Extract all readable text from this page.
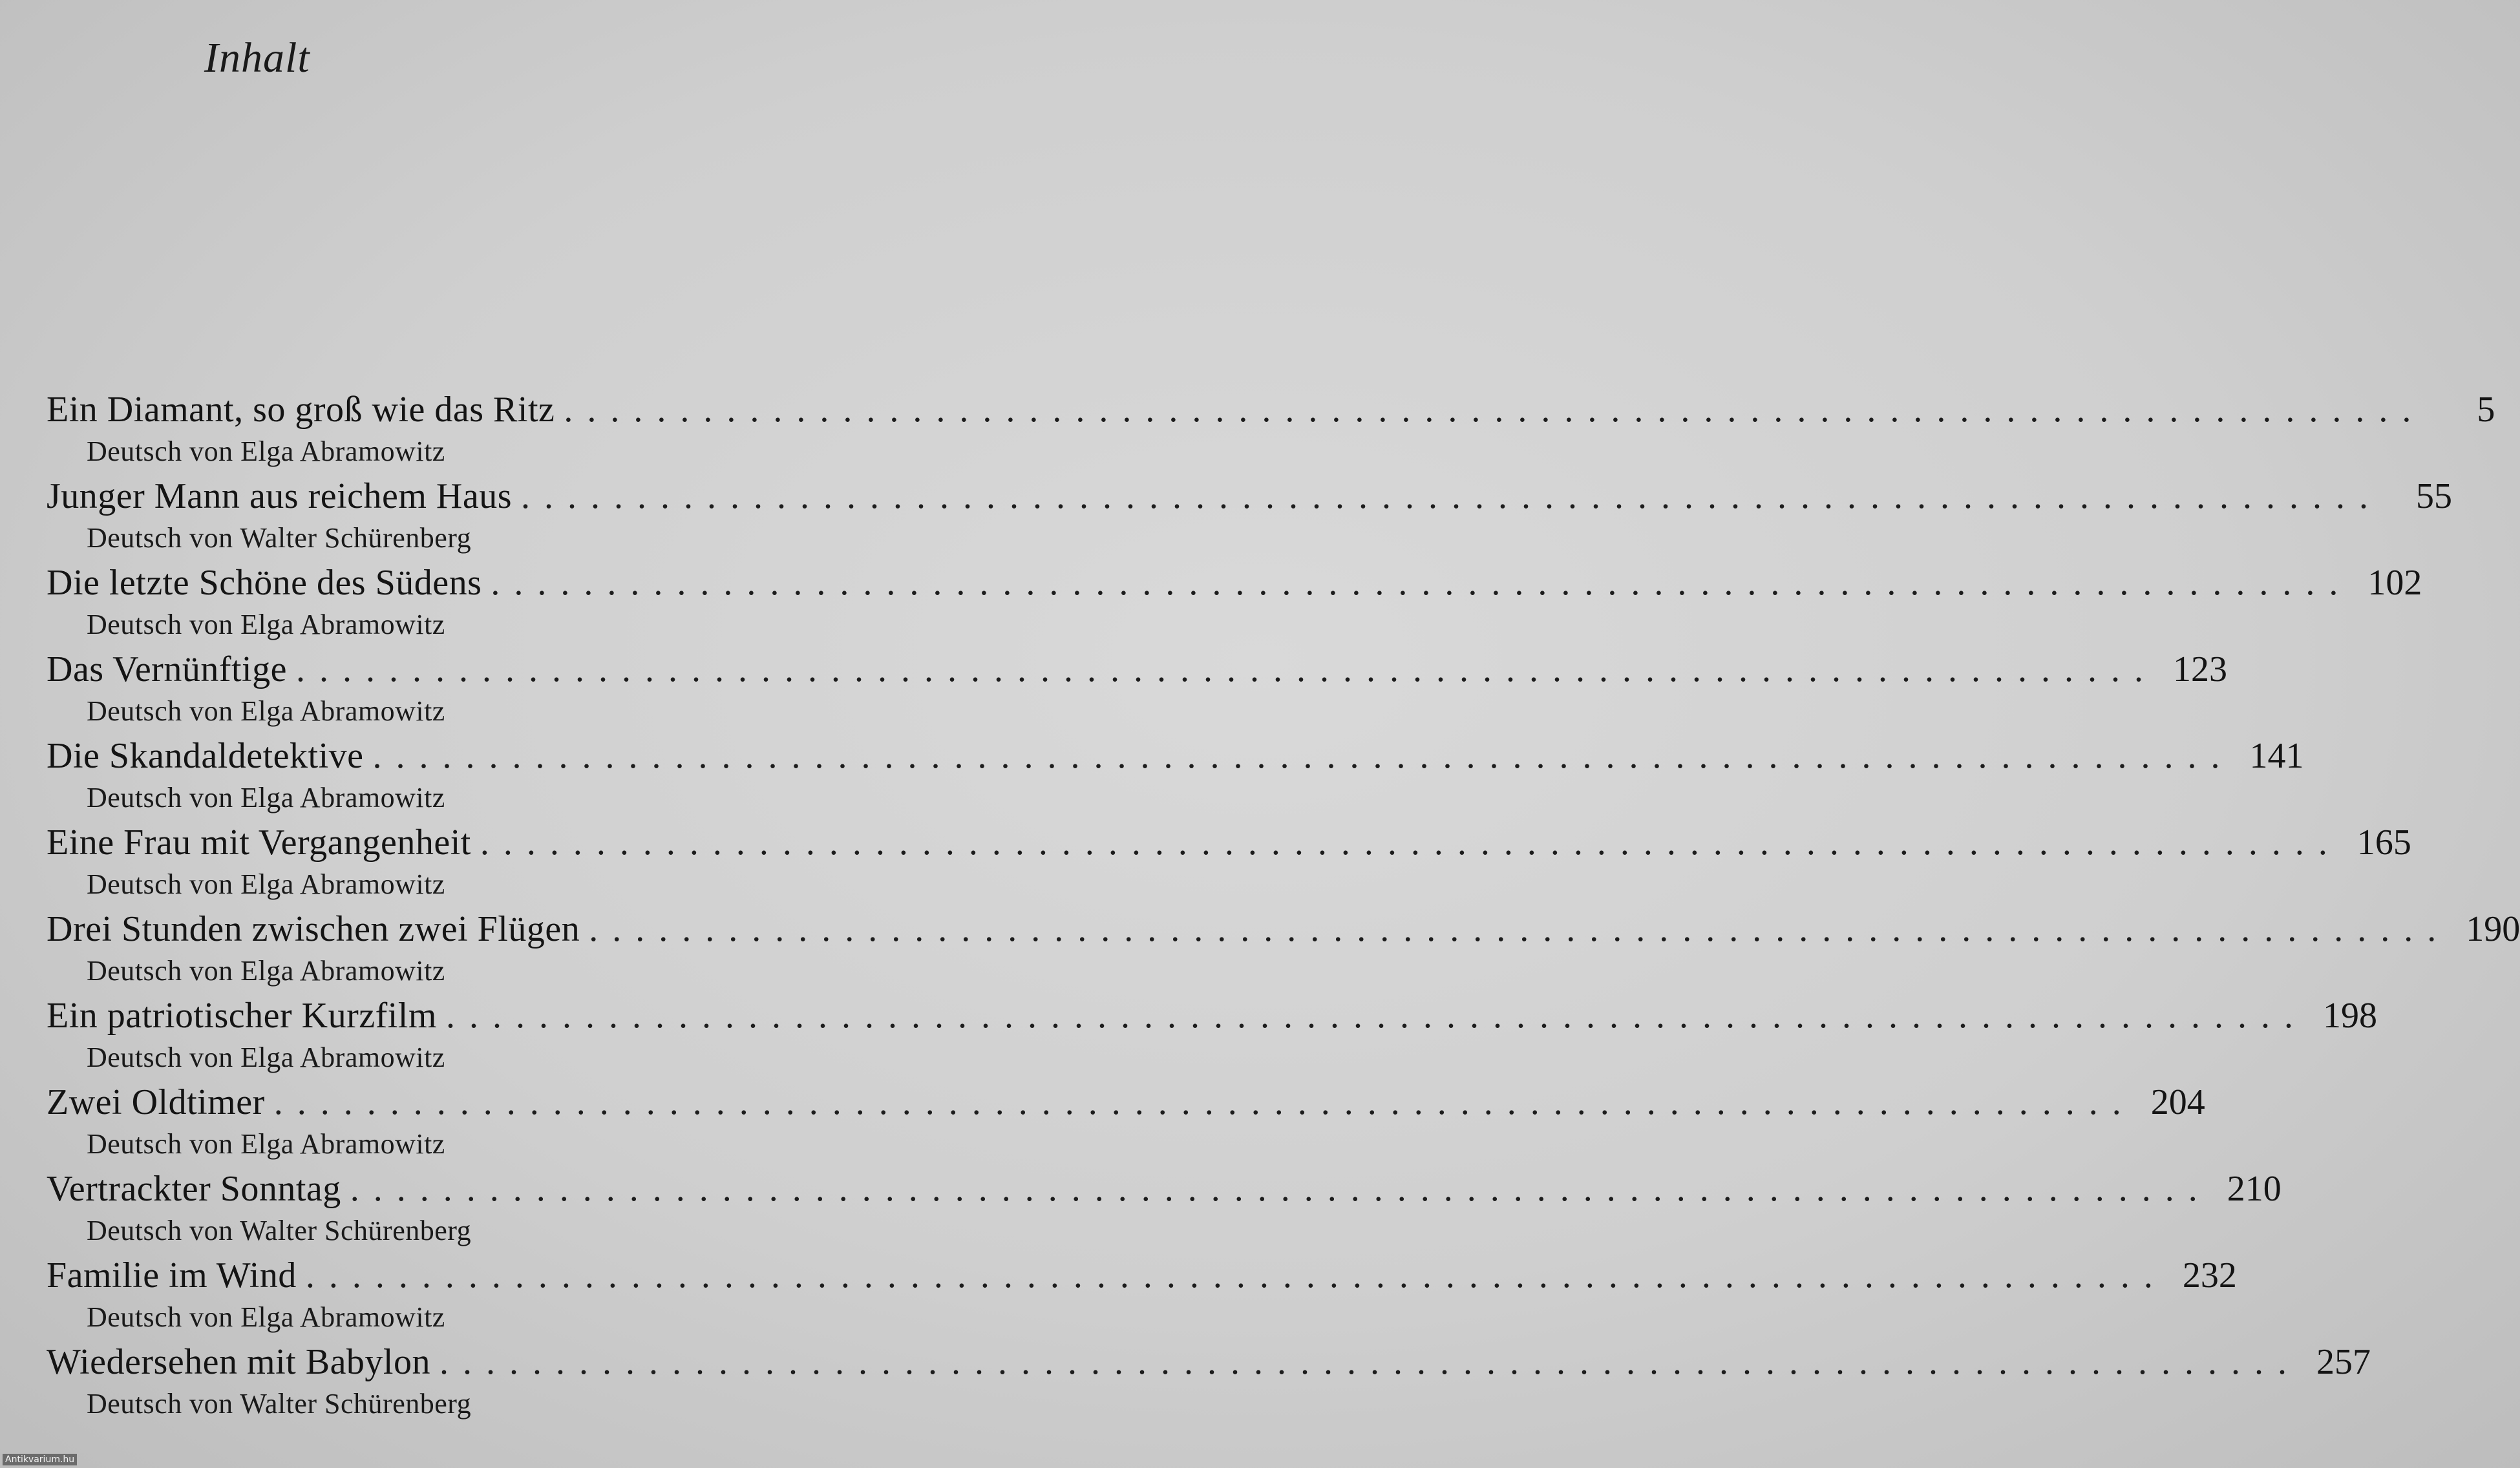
Inhalt
Ein Diamant, so groß wie das Ritz ................................................................................	5
Deutsch von Elga Abramowitz
Junger Mann aus reichem Haus ................................................................................ 55
Deutsch von Walter Schürenberg
Die letzte Schöne des Südens ................................................................................ 102
Deutsch von Elga Abramowitz
Das Vernünftige ................................................................................ 123
Deutsch von Elga Abramowitz
Die Skandaldetektive ................................................................................ 141
Deutsch von Elga Abramowitz
Eine Frau mit Vergangenheit ................................................................................ 165
Deutsch von Elga Abramowitz
Drei Stunden zwischen zwei Flügen ................................................................................ 190
Deutsch von Elga Abramowitz
Ein patriotischer Kurzfilm ................................................................................ 198
Deutsch von Elga Abramowitz
Zwei Oldtimer ................................................................................ 204
Deutsch von Elga Abramowitz
Vertrackter Sonntag ................................................................................ 210
Deutsch von Walter Schürenberg
Familie im Wind ................................................................................ 232
Deutsch von Elga Abramowitz
Wiedersehen mit Babylon ................................................................................ 257
Deutsch von Walter Schürenberg
Antikvarium.hu
